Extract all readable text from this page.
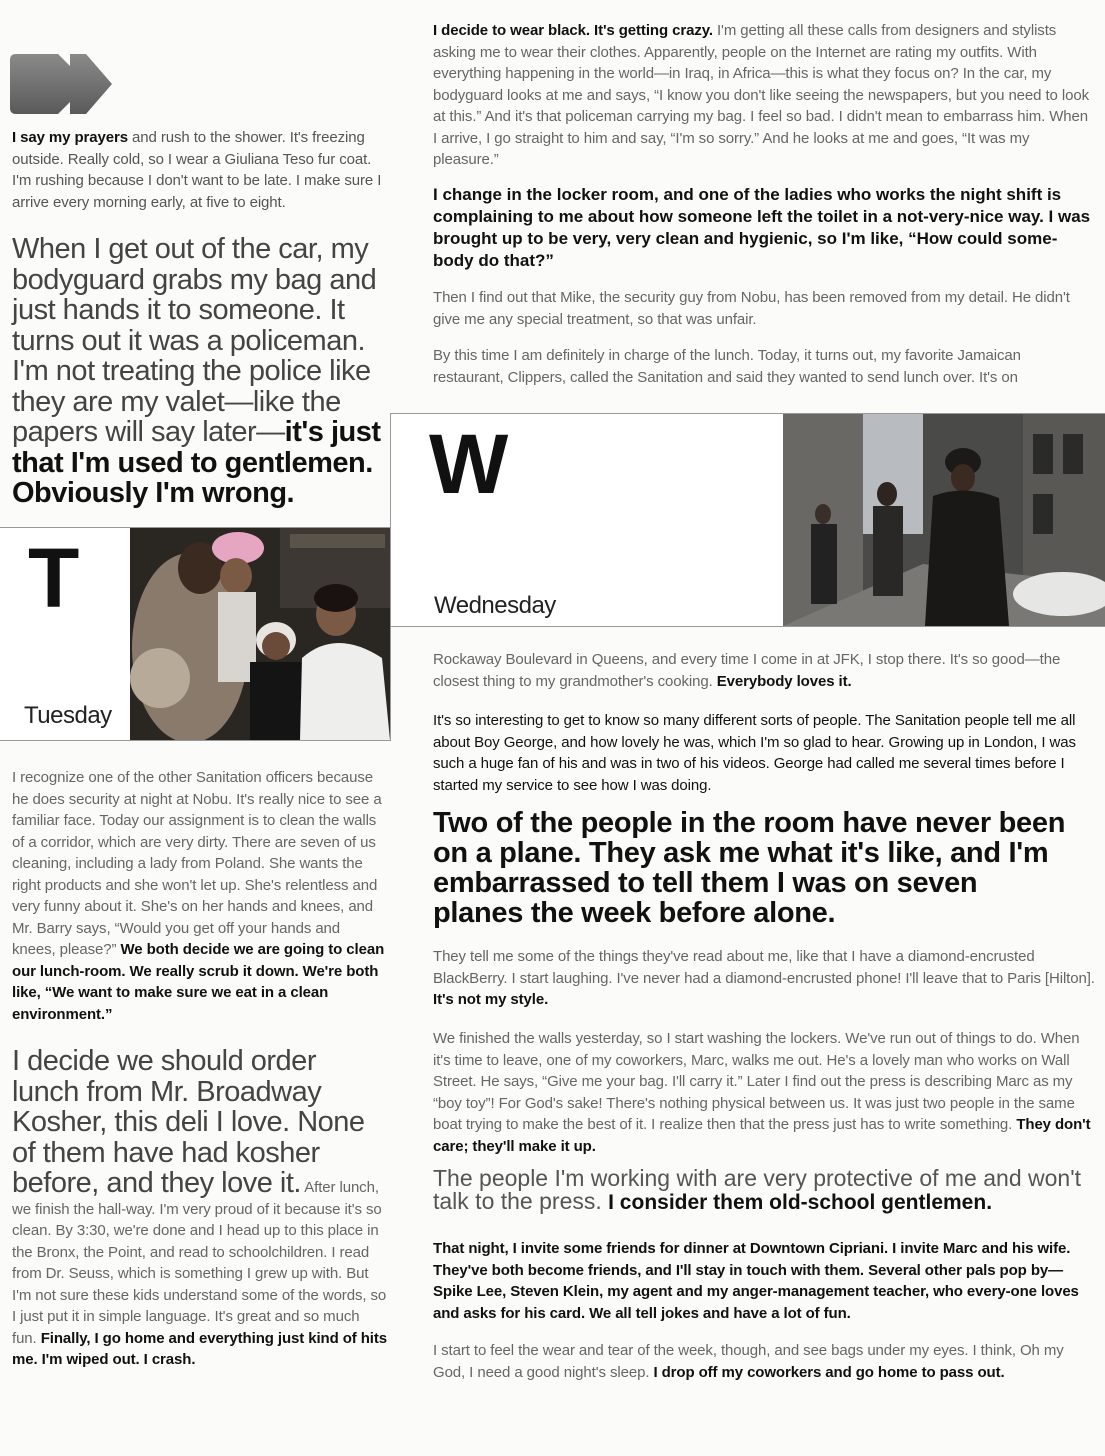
I say my prayers and rush to the shower. It's freezing outside. Really cold, so I wear a Giuliana Teso fur coat. I'm rushing because I don't want to be late. I make sure I arrive every morning early, at five to eight.

When I get out of the car, my bodyguard grabs my bag and just hands it to someone. It turns out it was a policeman. I'm not treating the police like they are my valet—like the papers will say later—it's just that I'm used to gentlemen. Obviously I'm wrong.

T
Tuesday

I recognize one of the other Sanitation officers because he does security at night at Nobu. It's really nice to see a familiar face. Today our assignment is to clean the walls of a corridor, which are very dirty. There are seven of us cleaning, including a lady from Poland. She wants the right products and she won't let up. She's relentless and very funny about it. She's on her hands and knees, and Mr. Barry says, “Would you get off your hands and knees, please?” We both decide we are going to clean our lunch-room. We really scrub it down. We're both like, “We want to make sure we eat in a clean environment.”

I decide we should order lunch from Mr. Broadway Kosher, this deli I love. None of them have had kosher before, and they love it. After lunch, we finish the hall-way. I'm very proud of it because it's so clean. By 3:30, we're done and I head up to this place in the Bronx, the Point, and read to schoolchildren. I read from Dr. Seuss, which is something I grew up with. But I'm not sure these kids understand some of the words, so I just put it in simple language. It's great and so much fun. Finally, I go home and everything just kind of hits me. I'm wiped out. I crash.

I decide to wear black. It's getting crazy. I'm getting all these calls from designers and stylists asking me to wear their clothes. Apparently, people on the Internet are rating my outfits. With everything happening in the world—in Iraq, in Africa—this is what they focus on? In the car, my bodyguard looks at me and says, “I know you don't like seeing the newspapers, but you need to look at this.” And it's that policeman carrying my bag. I feel so bad. I didn't mean to embarrass him. When I arrive, I go straight to him and say, “I'm so sorry.” And he looks at me and goes, “It was my pleasure.”

I change in the locker room, and one of the ladies who works the night shift is complaining to me about how someone left the toilet in a not-very-nice way. I was brought up to be very, very clean and hygienic, so I'm like, “How could some-body do that?”

Then I find out that Mike, the security guy from Nobu, has been removed from my detail. He didn't give me any special treatment, so that was unfair.

By this time I am definitely in charge of the lunch. Today, it turns out, my favorite Jamaican restaurant, Clippers, called the Sanitation and said they wanted to send lunch over. It's on

W
Wednesday

Rockaway Boulevard in Queens, and every time I come in at JFK, I stop there. It's so good—the closest thing to my grandmother's cooking. Everybody loves it.

It's so interesting to get to know so many different sorts of people. The Sanitation people tell me all about Boy George, and how lovely he was, which I'm so glad to hear. Growing up in London, I was such a huge fan of his and was in two of his videos. George had called me several times before I started my service to see how I was doing.

Two of the people in the room have never been on a plane. They ask me what it's like, and I'm embarrassed to tell them I was on seven planes the week before alone.

They tell me some of the things they've read about me, like that I have a diamond-encrusted BlackBerry. I start laughing. I've never had a diamond-encrusted phone! I'll leave that to Paris [Hilton]. It's not my style.

We finished the walls yesterday, so I start washing the lockers. We've run out of things to do. When it's time to leave, one of my coworkers, Marc, walks me out. He's a lovely man who works on Wall Street. He says, “Give me your bag. I'll carry it.” Later I find out the press is describing Marc as my “boy toy”! For God's sake! There's nothing physical between us. It was just two people in the same boat trying to make the best of it. I realize then that the press just has to write something. They don't care; they'll make it up.

The people I'm working with are very protective of me and won't talk to the press. I consider them old-school gentlemen.

That night, I invite some friends for dinner at Downtown Cipriani. I invite Marc and his wife. They've both become friends, and I'll stay in touch with them. Several other pals pop by—Spike Lee, Steven Klein, my agent and my anger-management teacher, who every-one loves and asks for his card. We all tell jokes and have a lot of fun.

I start to feel the wear and tear of the week, though, and see bags under my eyes. I think, Oh my God, I need a good night's sleep. I drop off my coworkers and go home to pass out.
